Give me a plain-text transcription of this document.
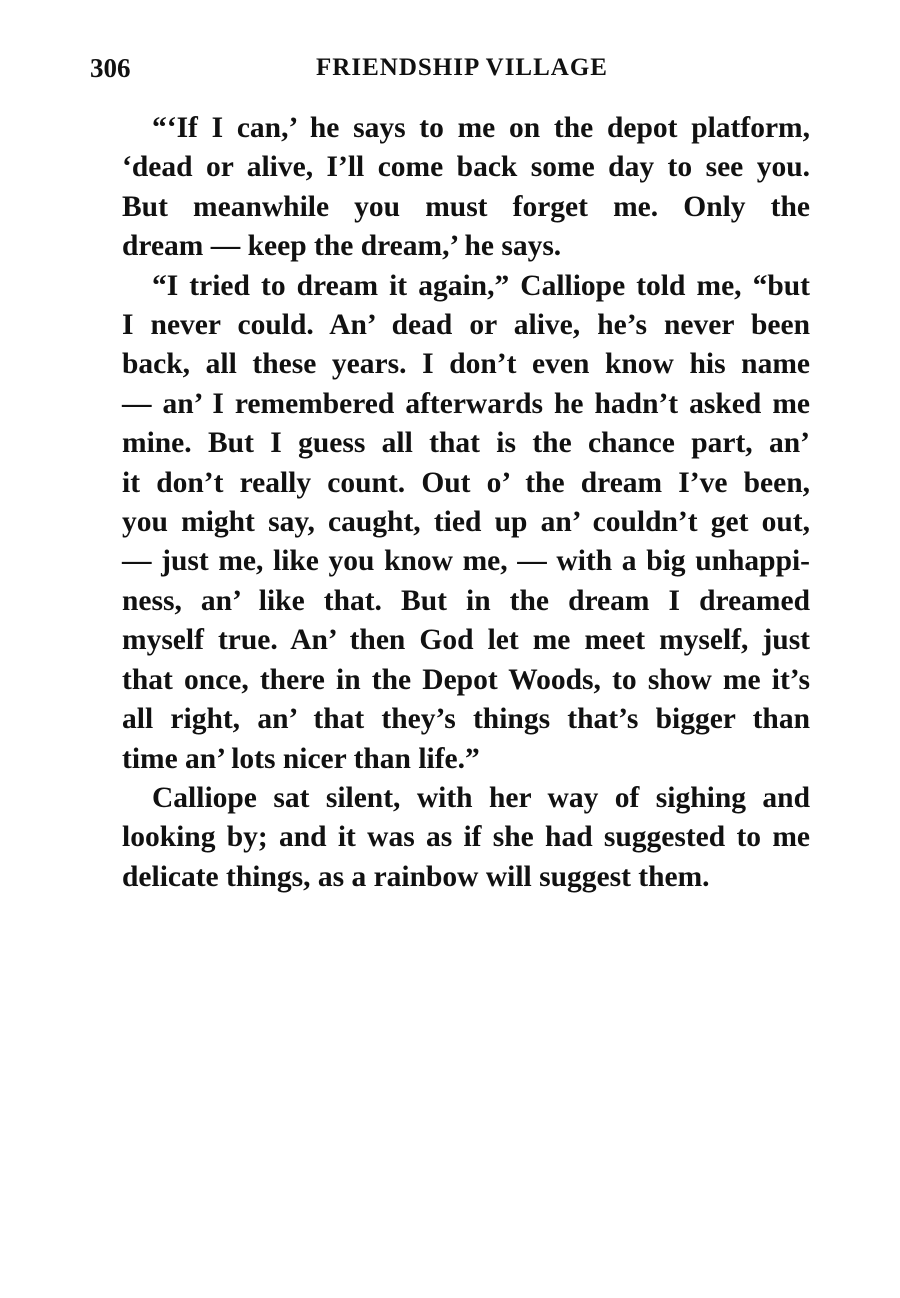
306	FRIENDSHIP VILLAGE

“‘If I can,’ he says to me on the depot platform,
‘dead or alive, I’ll come back some day to see you.
But meanwhile you must forget me. Only the
dream — keep the dream,’ he says.

“I tried to dream it again,” Calliope told me, “but
I never could. An’ dead or alive, he’s never been
back, all these years. I don’t even know his name
— an’ I remembered afterwards he hadn’t asked me
mine. But I guess all that is the chance part, an’
it don’t really count. Out o’ the dream I’ve been,
you might say, caught, tied up an’ couldn’t get out,
— just me, like you know me, — with a big unhappi-
ness, an’ like that. But in the dream I dreamed
myself true. An’ then God let me meet myself, just
that once, there in the Depot Woods, to show me it’s
all right, an’ that they’s things that’s bigger than
time an’ lots nicer than life.”

Calliope sat silent, with her way of sighing and
looking by; and it was as if she had suggested to me
delicate things, as a rainbow will suggest them.
